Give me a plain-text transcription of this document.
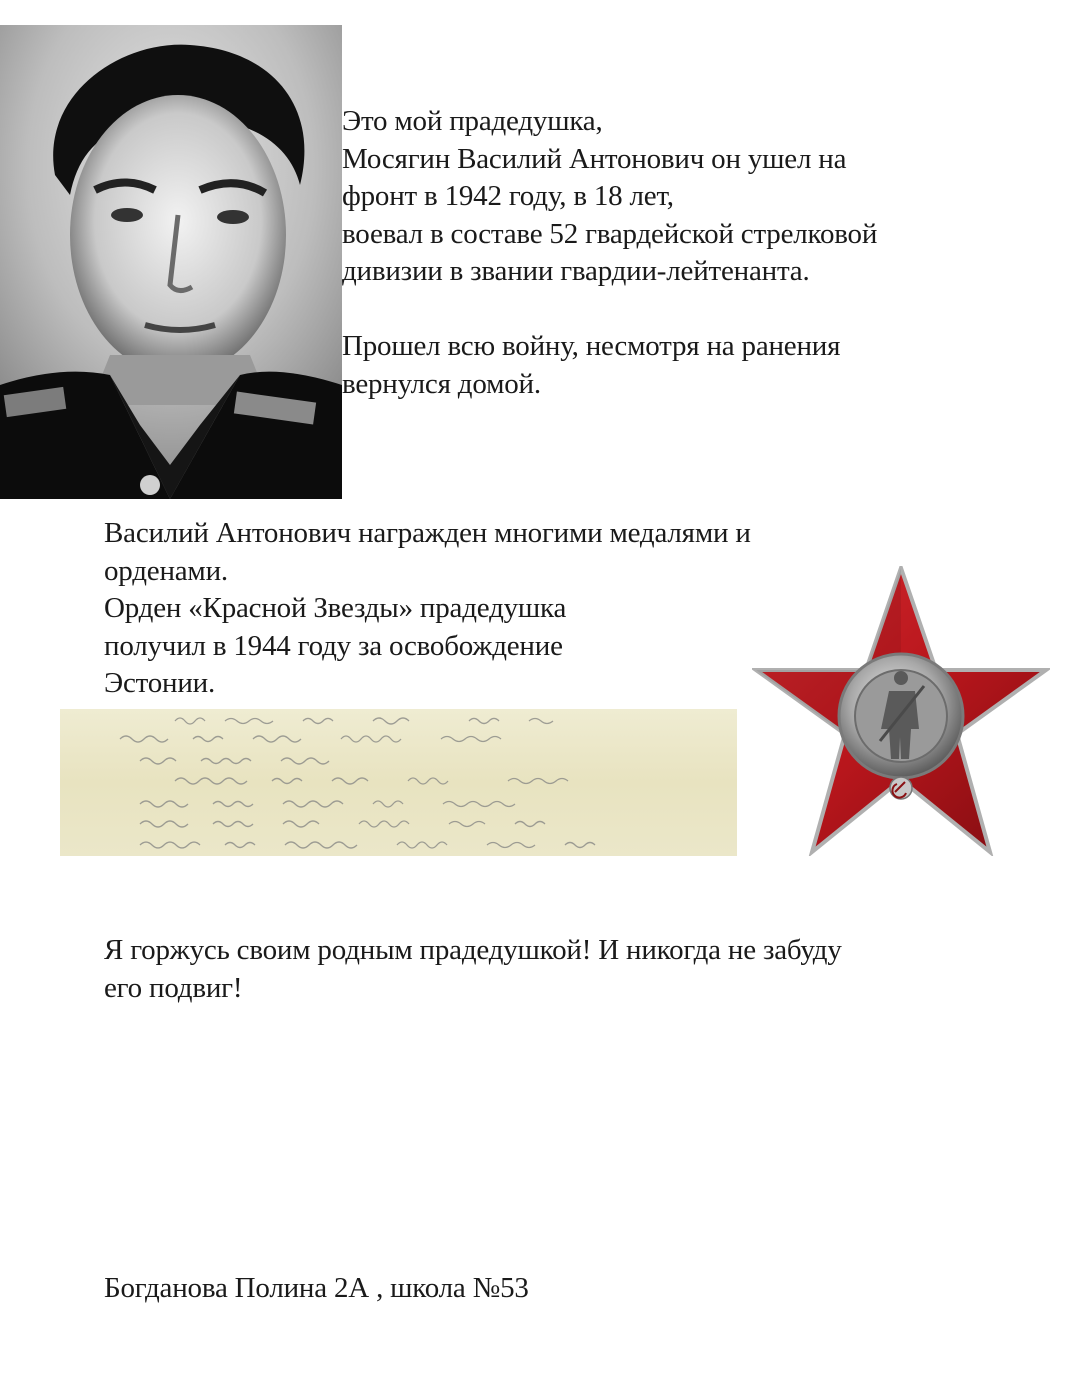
Это мой прадедушка,
Мосягин Василий Антонович он ушел на
фронт в 1942 году, в 18 лет,
воевал в составе 52 гвардейской стрелковой
дивизии в звании гвардии-лейтенанта.

Прошел всю войну, несмотря на ранения
вернулся домой.

Василий Антонович награжден многими медалями и
орденами.
Орден «Красной Звезды» прадедушка
получил в 1944 году за освобождение
Эстонии.

Я горжусь своим родным прадедушкой! И никогда не забуду
его подвиг!

Богданова Полина 2А , школа №53
